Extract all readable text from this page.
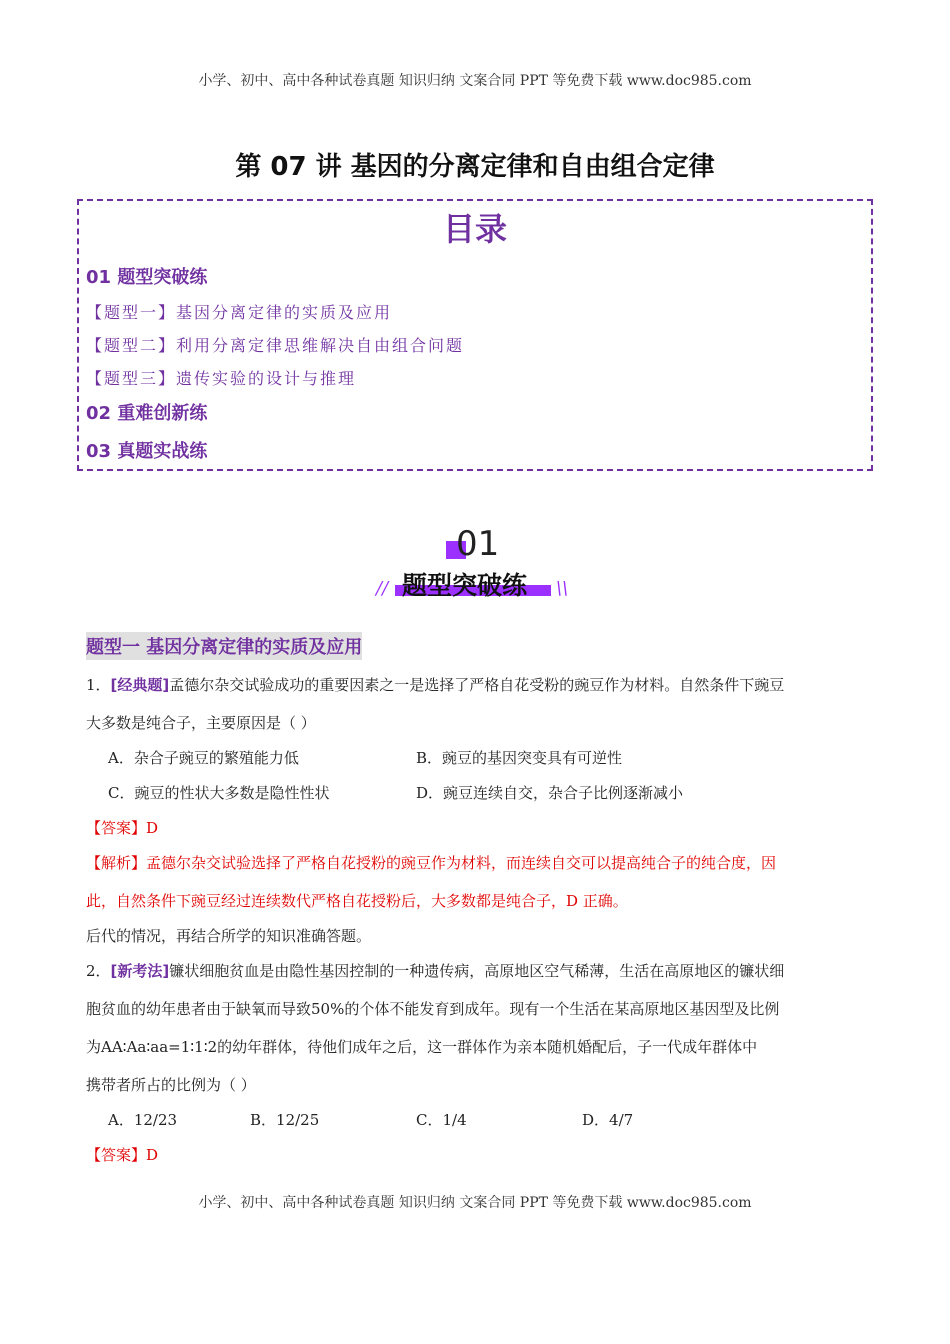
小学、初中、高中各种试卷真题 知识归纳 文案合同 PPT 等免费下载 www.doc985.com
第 07 讲 基因的分离定律和自由组合定律
目录
01 题型突破练
【题型一】基因分离定律的实质及应用
【题型二】利用分离定律思维解决自由组合问题
【题型三】遗传实验的设计与推理
02 重难创新练
03 真题实战练
01
题型突破练
//	\\
题型一 基因分离定律的实质及应用
1．[经典题]孟德尔杂交试验成功的重要因素之一是选择了严格自花受粉的豌豆作为材料。自然条件下豌豆
大多数是纯合子，主要原因是（ ）
A．杂合子豌豆的繁殖能力低	B．豌豆的基因突变具有可逆性
C．豌豆的性状大多数是隐性性状	D．豌豆连续自交，杂合子比例逐渐减小
【答案】D
【解析】孟德尔杂交试验选择了严格自花授粉的豌豆作为材料，而连续自交可以提高纯合子的纯合度，因
此，自然条件下豌豆经过连续数代严格自花授粉后，大多数都是纯合子，D 正确。
后代的情况，再结合所学的知识准确答题。
2．[新考法]镰状细胞贫血是由隐性基因控制的一种遗传病，高原地区空气稀薄，生活在高原地区的镰状细
胞贫血的幼年患者由于缺氧而导致50%的个体不能发育到成年。现有一个生活在某高原地区基因型及比例
为AA∶Aa∶aa=1∶1∶2的幼年群体，待他们成年之后，这一群体作为亲本随机婚配后，子一代成年群体中
携带者所占的比例为（ ）
A．12/23	B．12/25	C．1/4	D．4/7
【答案】D
小学、初中、高中各种试卷真题 知识归纳 文案合同 PPT 等免费下载 www.doc985.com
